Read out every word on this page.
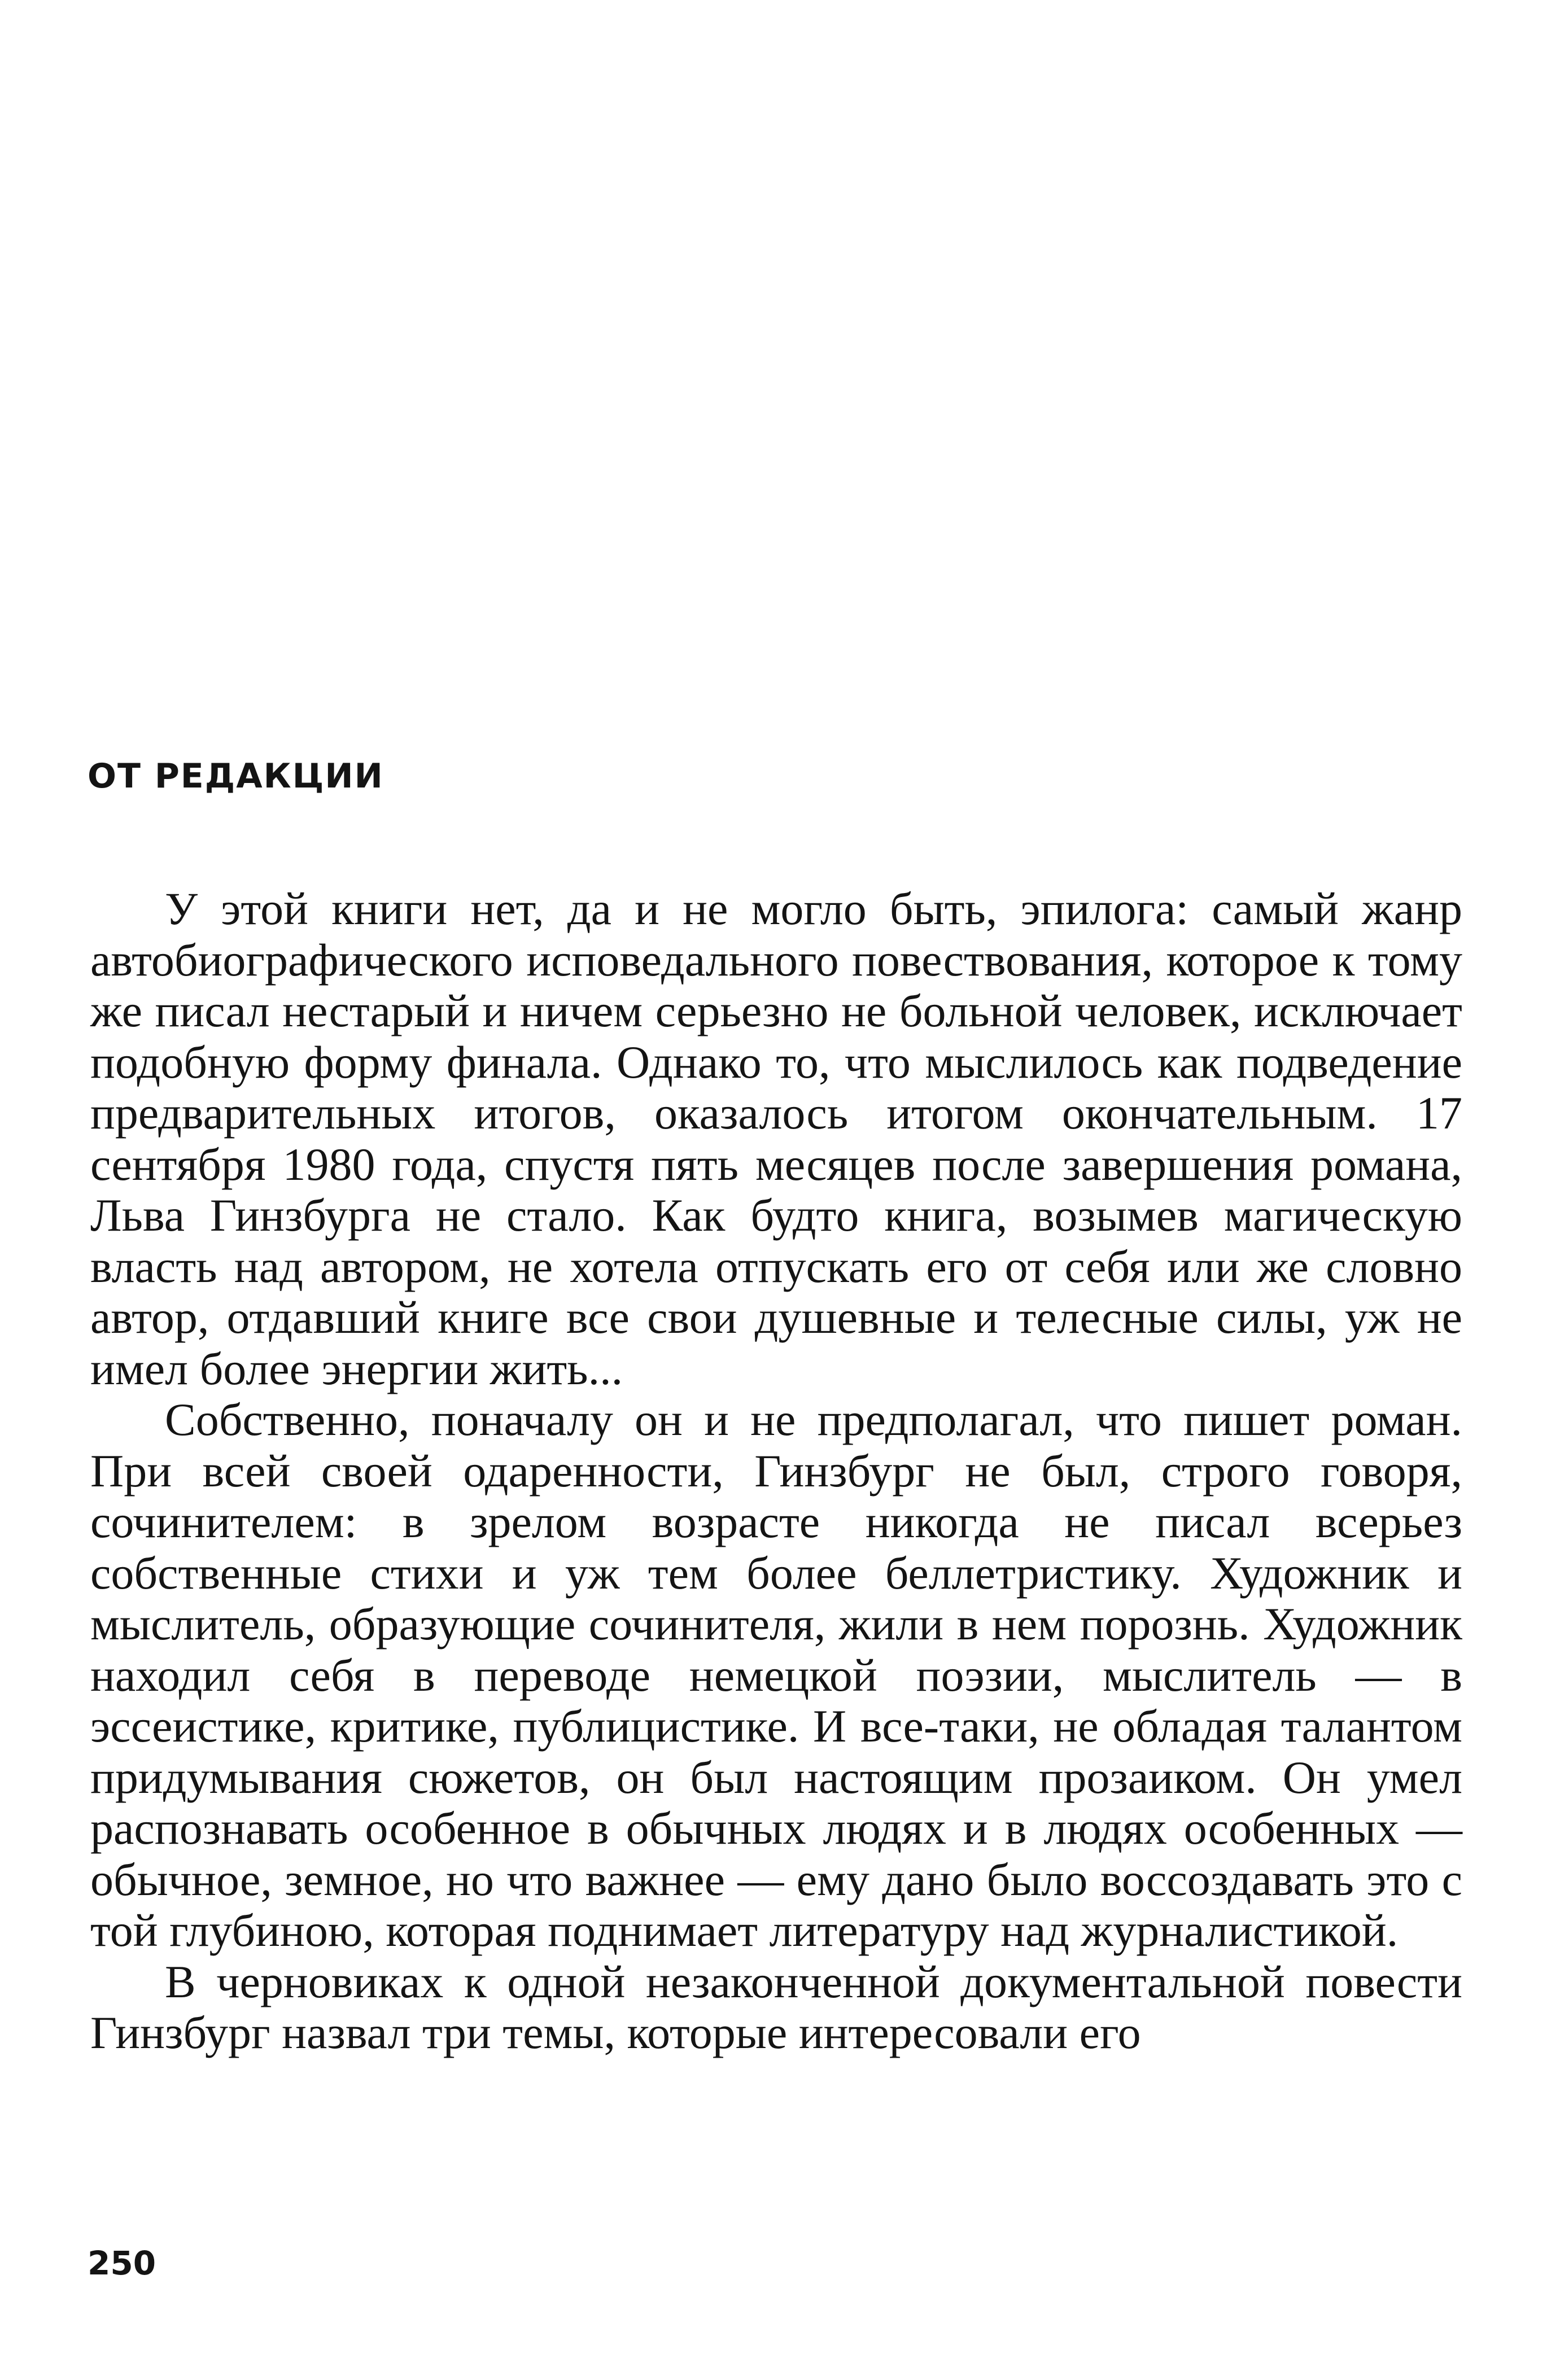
ОТ РЕДАКЦИИ

У этой книги нет, да и не могло быть, эпилога: самый жанр автобиографического исповедального повествования, которое к тому же писал нестарый и ничем серьезно не больной человек, исключает подобную форму финала. Однако то, что мыслилось как подведение предварительных итогов, оказалось итогом окончательным. 17 сентября 1980 года, спустя пять месяцев после завершения романа, Льва Гинзбурга не стало. Как будто книга, возымев магическую власть над автором, не хотела отпускать его от себя или же словно автор, отдавший книге все свои душевные и телесные силы, уж не имел более энергии жить...

Собственно, поначалу он и не предполагал, что пишет роман. При всей своей одаренности, Гинзбург не был, строго говоря, сочинителем: в зрелом возрасте никогда не писал всерьез собственные стихи и уж тем более беллетристику. Художник и мыслитель, образующие сочинителя, жили в нем порознь. Художник находил себя в переводе немецкой поэзии, мыслитель — в эссеистике, критике, публицистике. И все-таки, не обладая талантом придумывания сюжетов, он был настоящим прозаиком. Он умел распознавать особенное в обычных людях и в людях особенных — обычное, земное, но что важнее — ему дано было воссоздавать это с той глубиною, которая поднимает литературу над журналистикой.

В черновиках к одной незаконченной документальной повести Гинзбург назвал три темы, которые интересовали его

250
